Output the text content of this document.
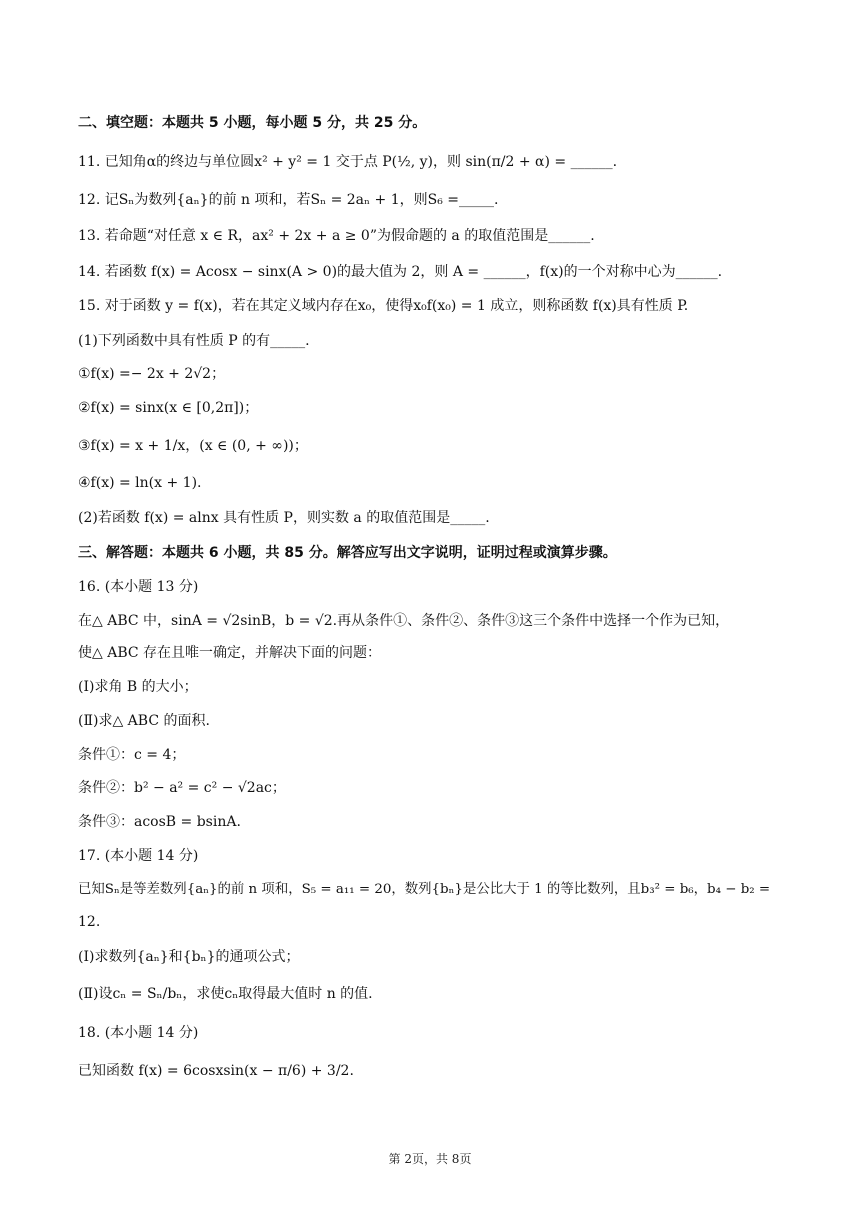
二、填空题：本题共 5 小题，每小题 5 分，共 25 分。
11. 已知角α的终边与单位圆x² + y² = 1 交于点 P(½, y)，则 sin(π/2 + α) = ______.
12. 记Sₙ为数列{aₙ}的前 n 项和，若Sₙ = 2aₙ + 1，则S₆ =_____.
13. 若命题“对任意 x ∈ R，ax² + 2x + a ≥ 0”为假命题的 a 的取值范围是______.
14. 若函数 f(x) = Acosx − sinx(A > 0)的最大值为 2，则 A = ______，f(x)的一个对称中心为______.
15. 对于函数 y = f(x)，若在其定义域内存在x₀，使得x₀f(x₀) = 1 成立，则称函数 f(x)具有性质 P.
(1)下列函数中具有性质 P 的有_____.
①f(x) =− 2x + 2√2；
②f(x) = sinx(x ∈ [0,2π])；
③f(x) = x + 1/x，(x ∈ (0, + ∞))；
④f(x) = ln(x + 1).
(2)若函数 f(x) = alnx 具有性质 P，则实数 a 的取值范围是_____.
三、解答题：本题共 6 小题，共 85 分。解答应写出文字说明，证明过程或演算步骤。
16. (本小题 13 分)
在△ ABC 中，sinA = √2sinB，b = √2.再从条件①、条件②、条件③这三个条件中选择一个作为已知，
使△ ABC 存在且唯一确定，并解决下面的问题：
(Ⅰ)求角 B 的大小；
(Ⅱ)求△ ABC 的面积.
条件①：c = 4；
条件②：b² − a² = c² − √2ac；
条件③：acosB = bsinA.
17. (本小题 14 分)
已知Sₙ是等差数列{aₙ}的前 n 项和，S₅ = a₁₁ = 20，数列{bₙ}是公比大于 1 的等比数列，且b₃² = b₆，b₄ − b₂ =
12.
(Ⅰ)求数列{aₙ}和{bₙ}的通项公式；
(Ⅱ)设cₙ = Sₙ/bₙ，求使cₙ取得最大值时 n 的值.
18. (本小题 14 分)
已知函数 f(x) = 6cosxsin(x − π/6) + 3/2.
第 2页，共 8页
